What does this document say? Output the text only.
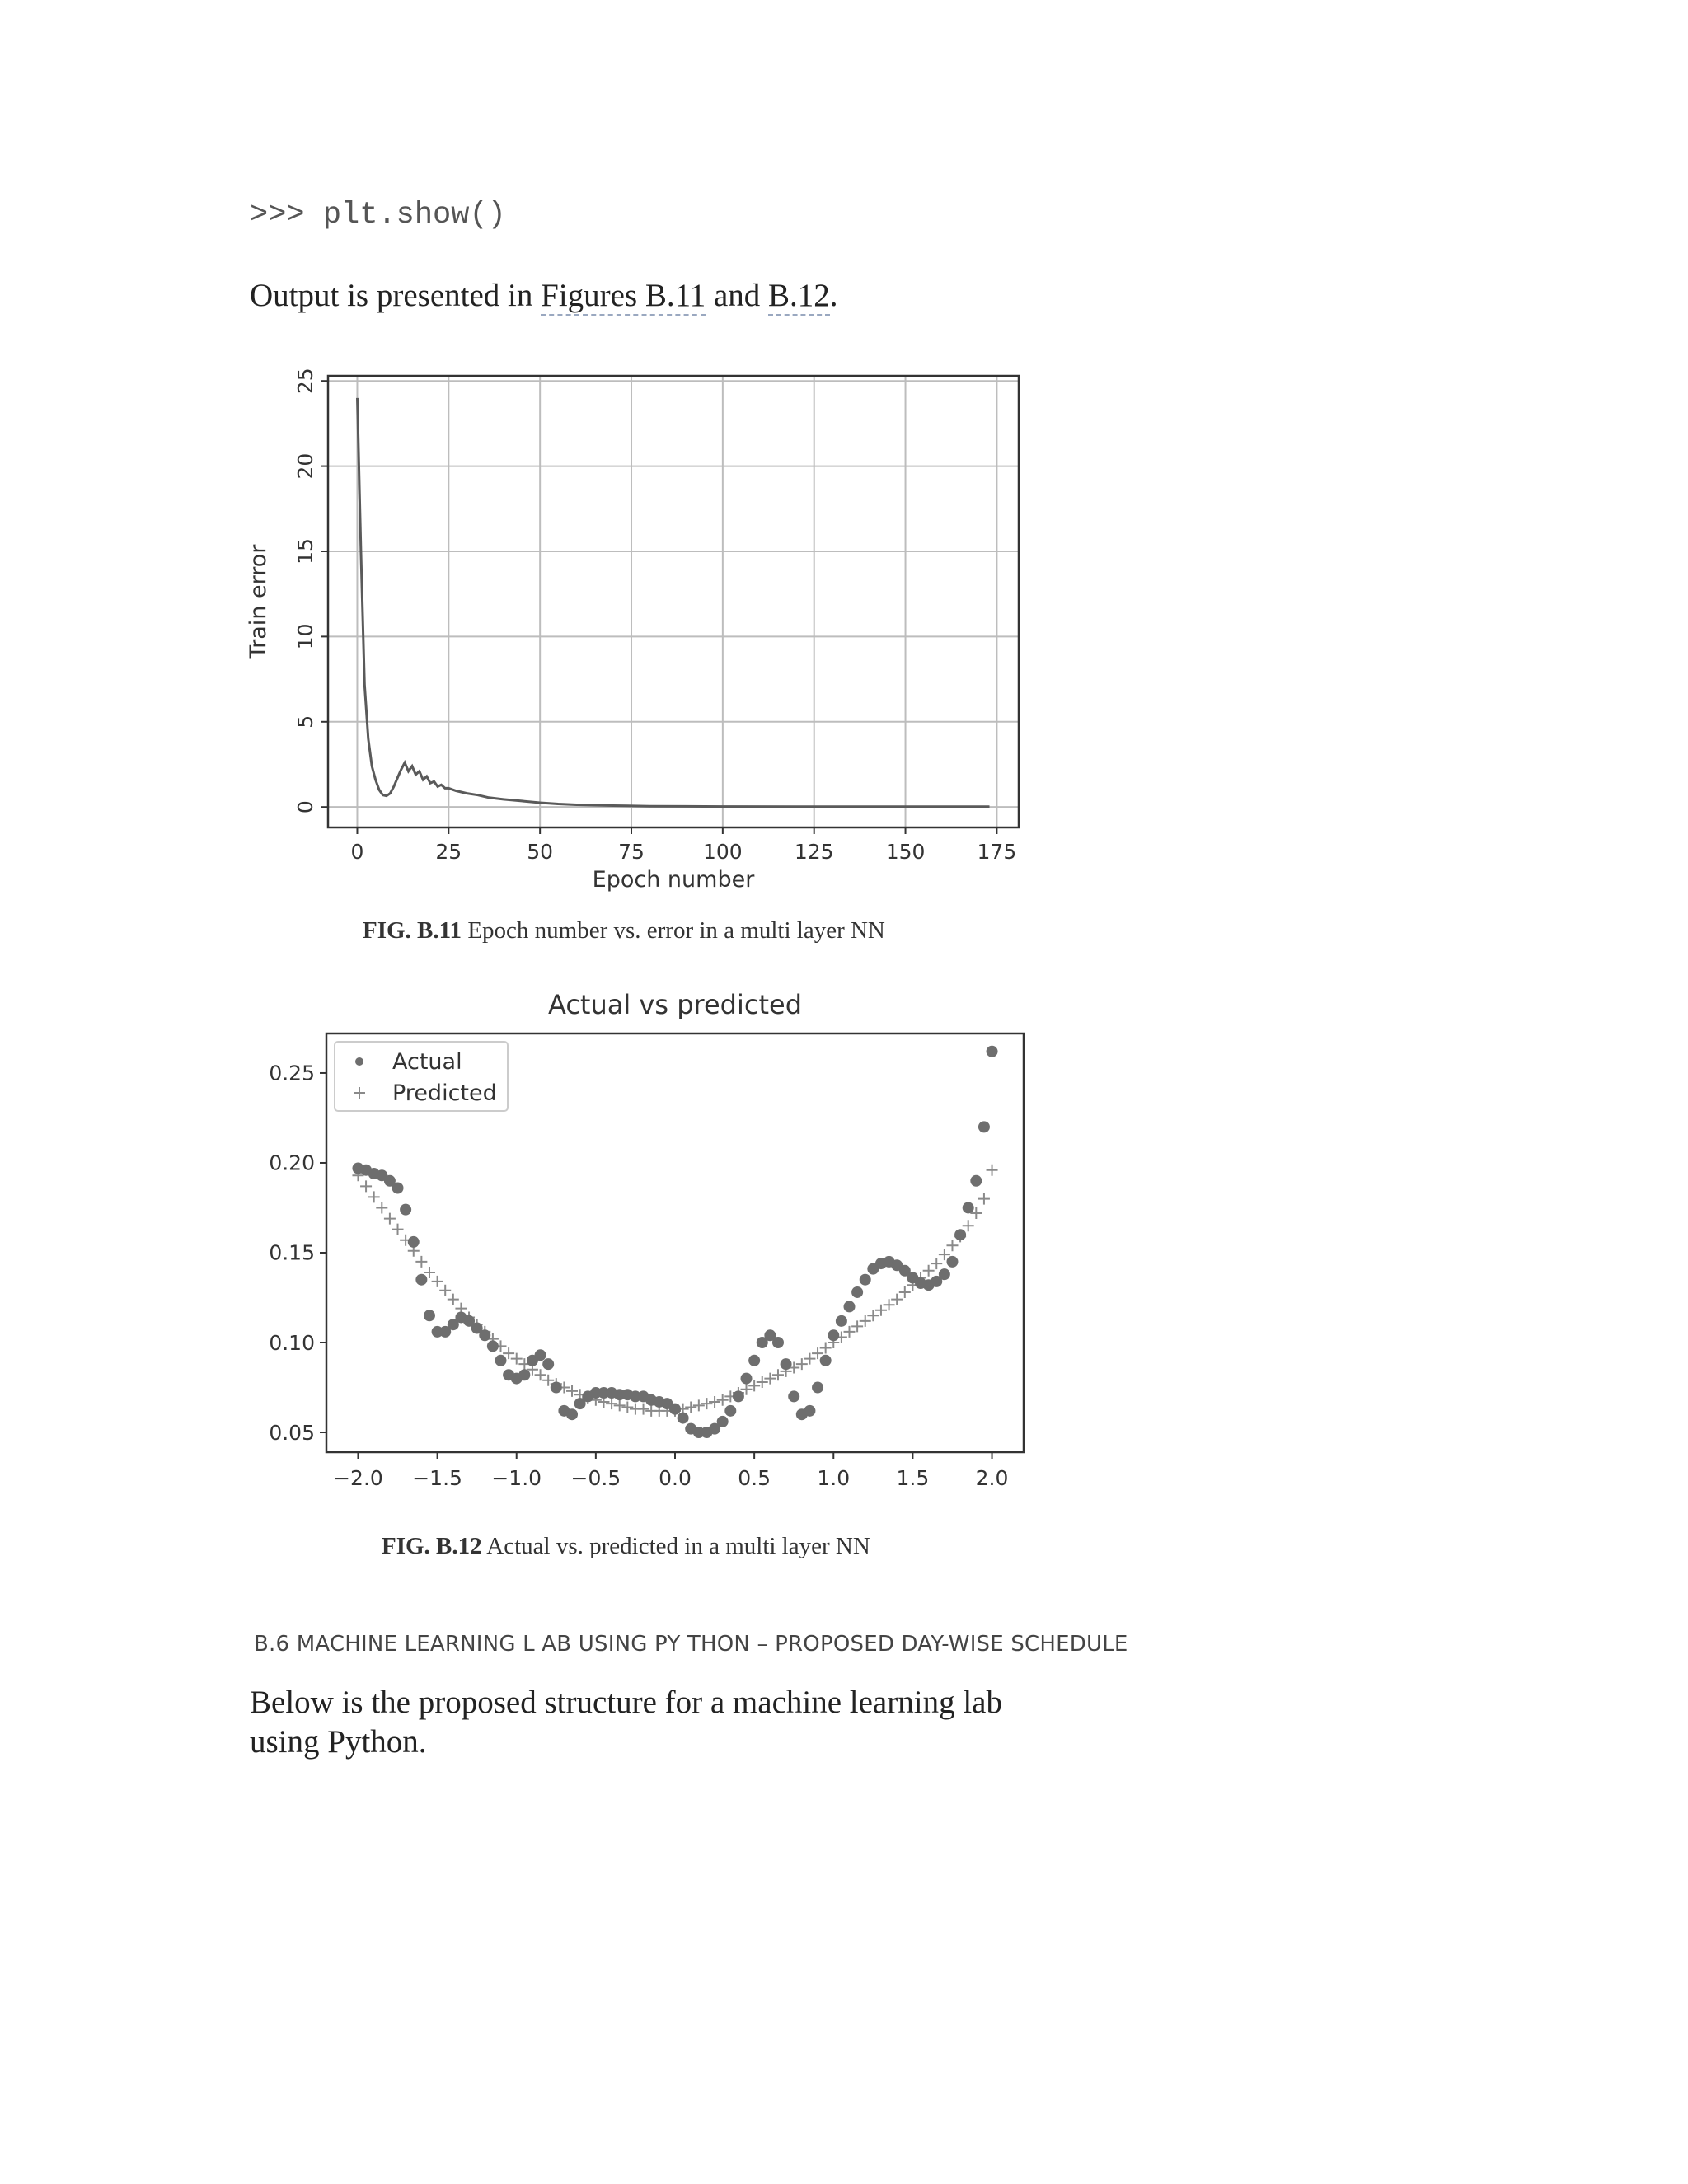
>>> plt.show()
Output is presented in Figures B.11 and B.12.
0	25	50	75	100	125	150	175
0
5
10
15
20
25
Epoch number
Train error
FIG. B.11 Epoch number vs. error in a multi layer NN
Actual vs predicted
−2.0 −1.5 −1.0 −0.5 0.0 0.5 1.0 1.5 2.0
0.05
0.10
0.15
0.20
0.25	Actual
Predicted
FIG. B.12 Actual vs. predicted in a multi layer NN
B.6 MACHINE LEARNING L AB USING PY THON – PROPOSED DAY-WISE SCHEDULE
Below is the proposed structure for a machine learning lab using Python.
